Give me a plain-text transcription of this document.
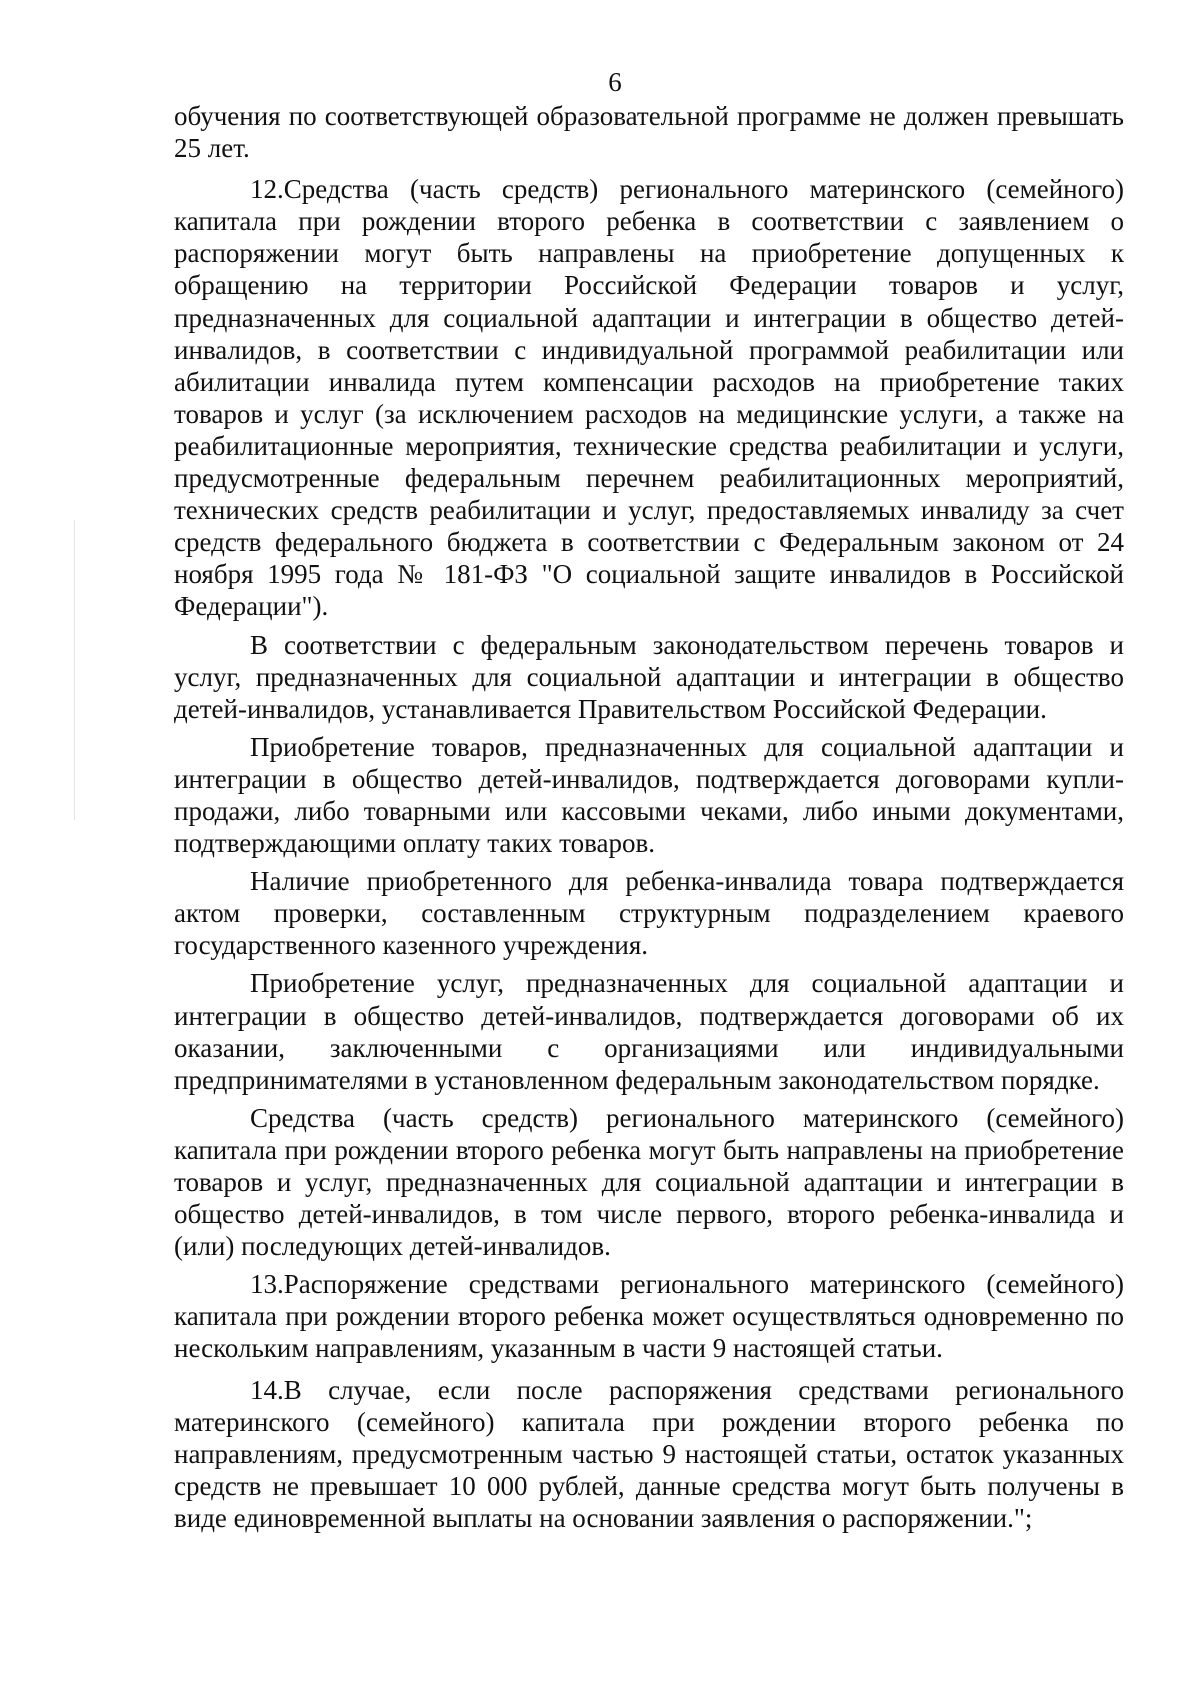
6

обучения по соответствующей образовательной программе не должен превышать 25 лет.

12.Средства (часть средств) регионального материнского (семейного) капитала при рождении второго ребенка в соответствии с заявлением о распоряжении могут быть направлены на приобретение допущенных к обращению на территории Российской Федерации товаров и услуг, предназначенных для социальной адаптации и интеграции в общество детей-инвалидов, в соответствии с индивидуальной программой реабилитации или абилитации инвалида путем компенсации расходов на приобретение таких товаров и услуг (за исключением расходов на медицинские услуги, а также на реабилитационные мероприятия, технические средства реабилитации и услуги, предусмотренные федеральным перечнем реабилитационных мероприятий, технических средств реабилитации и услуг, предоставляемых инвалиду за счет средств федерального бюджета в соответствии с Федеральным законом от 24 ноября 1995 года № 181-ФЗ "О социальной защите инвалидов в Российской Федерации").

В соответствии с федеральным законодательством перечень товаров и услуг, предназначенных для социальной адаптации и интеграции в общество детей-инвалидов, устанавливается Правительством Российской Федерации.

Приобретение товаров, предназначенных для социальной адаптации и интеграции в общество детей-инвалидов, подтверждается договорами купли-продажи, либо товарными или кассовыми чеками, либо иными документами, подтверждающими оплату таких товаров.

Наличие приобретенного для ребенка-инвалида товара подтверждается актом проверки, составленным структурным подразделением краевого государственного казенного учреждения.

Приобретение услуг, предназначенных для социальной адаптации и интеграции в общество детей-инвалидов, подтверждается договорами об их оказании, заключенными с организациями или индивидуальными предпринимателями в установленном федеральным законодательством порядке.

Средства (часть средств) регионального материнского (семейного) капитала при рождении второго ребенка могут быть направлены на приобретение товаров и услуг, предназначенных для социальной адаптации и интеграции в общество детей-инвалидов, в том числе первого, второго ребенка-инвалида и (или) последующих детей-инвалидов.

13.Распоряжение средствами регионального материнского (семейного) капитала при рождении второго ребенка может осуществляться одновременно по нескольким направлениям, указанным в части 9 настоящей статьи.

14.В случае, если после распоряжения средствами регионального материнского (семейного) капитала при рождении второго ребенка по направлениям, предусмотренным частью 9 настоящей статьи, остаток указанных средств не превышает 10 000 рублей, данные средства могут быть получены в виде единовременной выплаты на основании заявления о распоряжении.";
